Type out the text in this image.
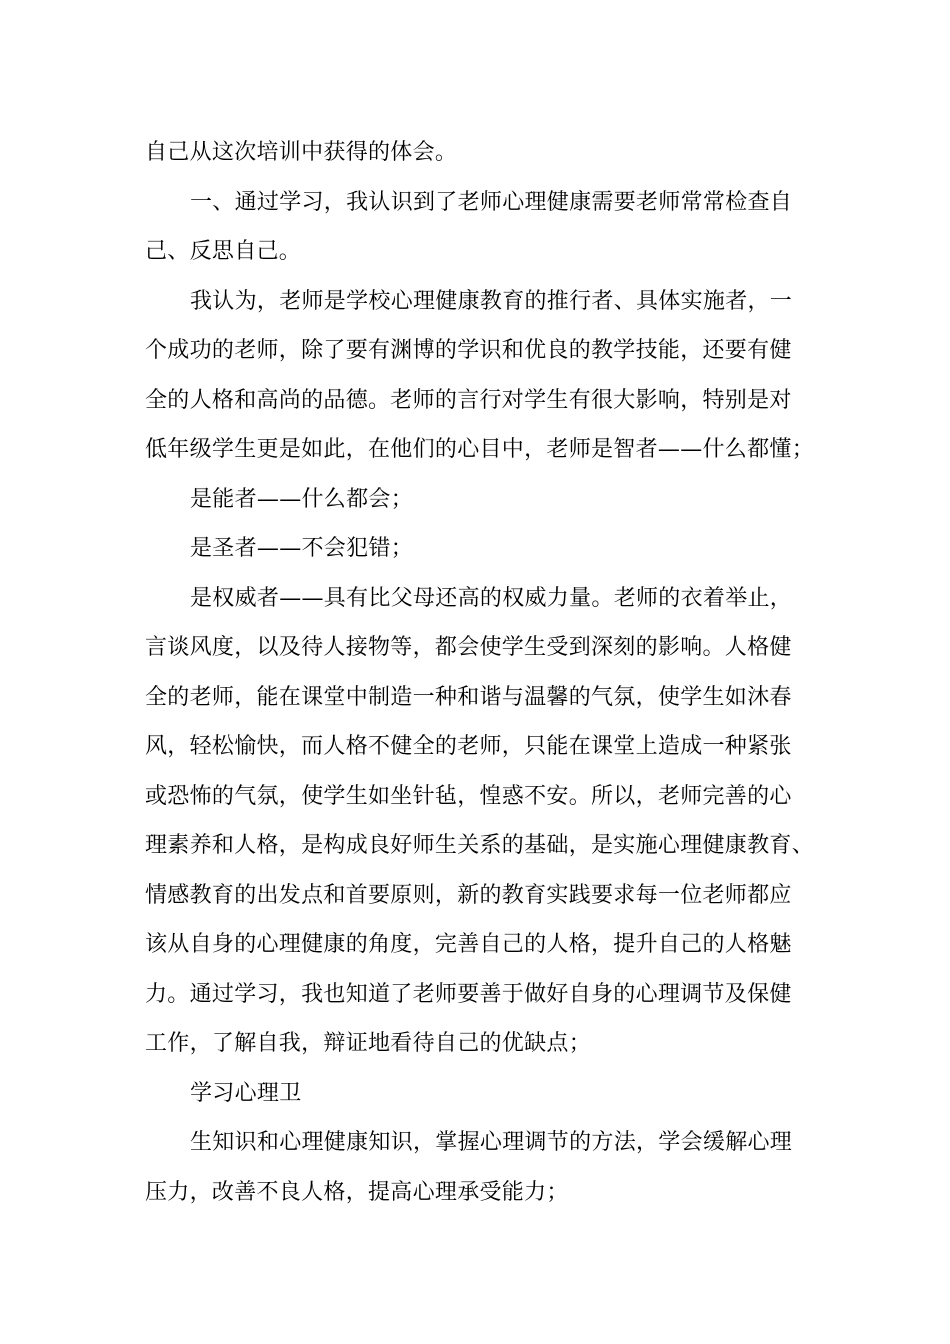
自己从这次培训中获得的体会。
一、通过学习，我认识到了老师心理健康需要老师常常检查自
己、反思自己。
我认为，老师是学校心理健康教育的推行者、具体实施者，一
个成功的老师，除了要有渊博的学识和优良的教学技能，还要有健
全的人格和高尚的品德。老师的言行对学生有很大影响，特别是对
低年级学生更是如此，在他们的心目中，老师是智者——什么都懂；
是能者——什么都会；
是圣者——不会犯错；
是权威者——具有比父母还高的权威力量。老师的衣着举止，
言谈风度，以及待人接物等，都会使学生受到深刻的影响。人格健
全的老师，能在课堂中制造一种和谐与温馨的气氛，使学生如沐春
风，轻松愉快，而人格不健全的老师，只能在课堂上造成一种紧张
或恐怖的气氛，使学生如坐针毡，惶惑不安。所以，老师完善的心
理素养和人格，是构成良好师生关系的基础，是实施心理健康教育、
情感教育的出发点和首要原则，新的教育实践要求每一位老师都应
该从自身的心理健康的角度，完善自己的人格，提升自己的人格魅
力。通过学习，我也知道了老师要善于做好自身的心理调节及保健
工作，了解自我，辩证地看待自己的优缺点；
学习心理卫
生知识和心理健康知识，掌握心理调节的方法，学会缓解心理
压力，改善不良人格，提高心理承受能力；
